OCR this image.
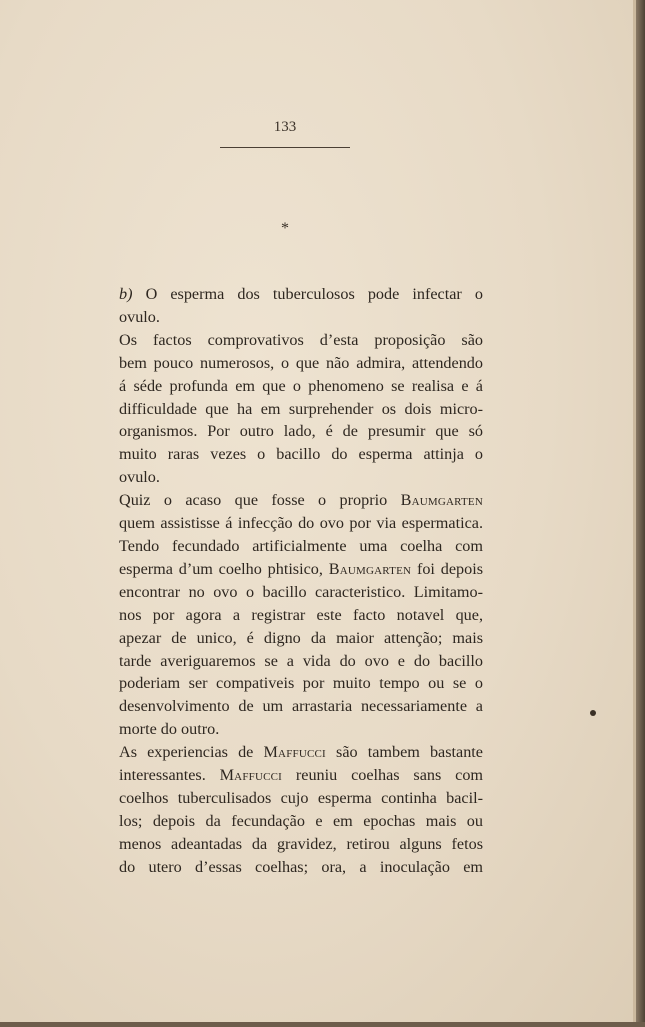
133
*
b) O esperma dos tuberculosos pode infectar o
ovulo.
Os factos comprovativos d’esta proposição são
bem pouco numerosos, o que não admira, attendendo
á séde profunda em que o phenomeno se realisa e á
difficuldade que ha em surprehender os dois micro-
organismos. Por outro lado, é de presumir que só
muito raras vezes o bacillo do esperma attinja o
ovulo.
Quiz o acaso que fosse o proprio Baumgarten
quem assistisse á infecção do ovo por via espermatica.
Tendo fecundado artificialmente uma coelha com
esperma d’um coelho phtisico, Baumgarten foi depois
encontrar no ovo o bacillo caracteristico. Limitamo-
nos por agora a registrar este facto notavel que,
apezar de unico, é digno da maior attenção; mais
tarde averiguaremos se a vida do ovo e do bacillo
poderiam ser compativeis por muito tempo ou se o
desenvolvimento de um arrastaria necessariamente a
morte do outro.
As experiencias de Maffucci são tambem bastante
interessantes. Maffucci reuniu coelhas sans com
coelhos tuberculisados cujo esperma continha bacil-
los; depois da fecundação e em epochas mais ou
menos adeantadas da gravidez, retirou alguns fetos
do utero d’essas coelhas; ora, a inoculação em
